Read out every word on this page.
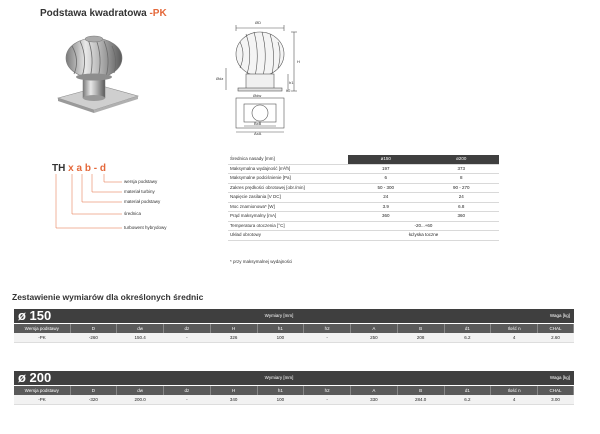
Podstawa kwadratowa -PK
ØD
Ødz
H
h1
h2
Ødw
BxB
AxA
TH x a b - d
wersja podstawy
materiał turbiny
materiał podstawy
średnica
turbowent hybrydowy
Średnica nasady [mm]	ø150	ø200
Maksymalna wydajność [m³/h]	197	373
Maksymalne podciśnienie [Pa]	6	8
Zakres prędkości obrotowej [obr./min]	50 - 300	90 - 270
Napięcie zasilania [V DC]	24	24
Moc znamionowa* [W]	3.9	6.8
Prąd maksymalny [mA]	360	360
Temperatura otoczenia [°C]	-20...+60	
Układ obrotowy	łożyska toczne	
* przy maksymalnej wydajności
Zestawienie wymiarów dla określonych średnic
ø 150	Wymiary [mm]	Waga [kg]
Wersja podstawy	D	dw	dz	H	h1	h2	A	B	d1	Ilość n	CHAL
-PK	-260	150.4	-	326	100	-	250	208	6.2	4	2.60
ø 200	Wymiary [mm]	Waga [kg]
Wersja podstawy	D	dw	dz	H	h1	h2	A	B	d1	Ilość n	CHAL
-PK	-320	200.0	-	340	100	-	330	284.0	6.2	4	3.00
